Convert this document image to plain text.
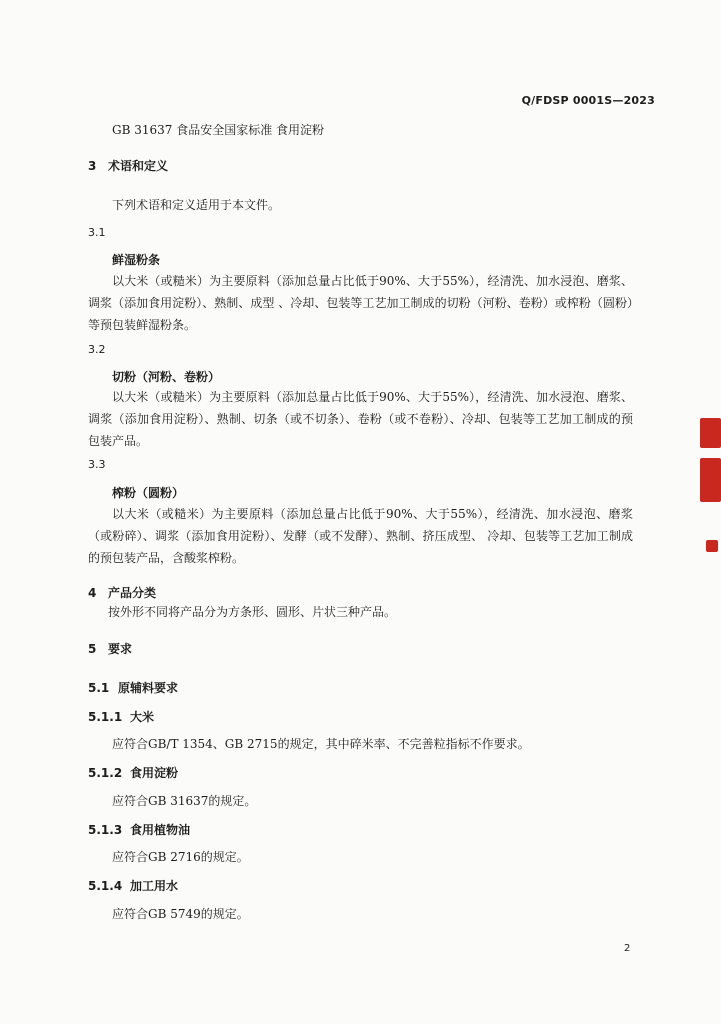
Q/FDSP 0001S—2023
GB 31637 食品安全国家标准 食用淀粉
3 术语和定义
下列术语和定义适用于本文件。
3.1
鲜湿粉条

以大米（或糙米）为主要原料（添加总量占比低于90%、大于55%），经清洗、加水浸泡、磨浆、调浆（添加食用淀粉）、熟制、成型 、冷却、包装等工艺加工制成的切粉（河粉、卷粉）或榨粉（圆粉）等预包装鲜湿粉条。

3.2
切粉（河粉、卷粉）

以大米（或糙米）为主要原料（添加总量占比低于90%、大于55%），经清洗、加水浸泡、磨浆、调浆（添加食用淀粉）、熟制、切条（或不切条）、卷粉（或不卷粉）、冷却、包装等工艺加工制成的预包装产品。

3.3
榨粉（圆粉）

以大米（或糙米）为主要原料（添加总量占比低于90%、大于55%），经清洗、加水浸泡、磨浆（或粉碎）、调浆（添加食用淀粉）、发酵（或不发酵）、熟制、挤压成型、 冷却、包装等工艺加工制成的预包装产品，含酸浆榨粉。

4 产品分类
按外形不同将产品分为方条形、圆形、片状三种产品。
5 要求
5.1 原辅料要求
5.1.1 大米
应符合GB/T 1354、GB 2715的规定，其中碎米率、不完善粒指标不作要求。
5.1.2 食用淀粉
应符合GB 31637的规定。
5.1.3 食用植物油
应符合GB 2716的规定。
5.1.4 加工用水
应符合GB 5749的规定。
2
